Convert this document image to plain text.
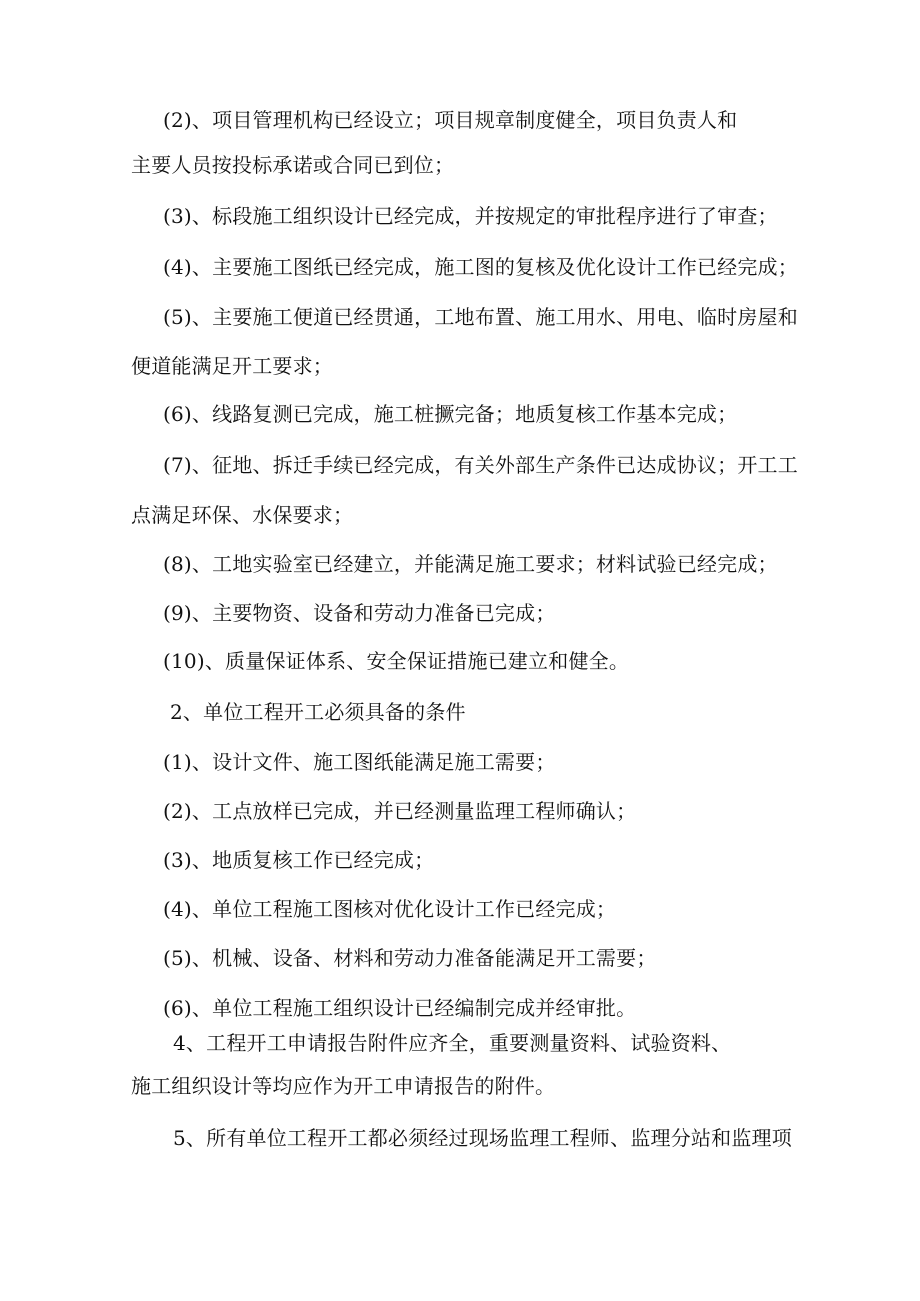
(2)、项目管理机构已经设立；项目规章制度健全，项目负责人和
主要人员按投标承诺或合同已到位；
(3)、标段施工组织设计已经完成，并按规定的审批程序进行了审查；
(4)、主要施工图纸已经完成，施工图的复核及优化设计工作已经完成；
(5)、主要施工便道已经贯通，工地布置、施工用水、用电、临时房屋和
便道能满足开工要求；
(6)、线路复测已完成，施工桩撅完备；地质复核工作基本完成；
(7)、征地、拆迁手续已经完成，有关外部生产条件已达成协议；开工工
点满足环保、水保要求；
(8)、工地实验室已经建立，并能满足施工要求；材料试验已经完成；
(9)、主要物资、设备和劳动力准备已完成；
(10)、质量保证体系、安全保证措施已建立和健全。
2、单位工程开工必须具备的条件
(1)、设计文件、施工图纸能满足施工需要；
(2)、工点放样已完成，并已经测量监理工程师确认；
(3)、地质复核工作已经完成；
(4)、单位工程施工图核对优化设计工作已经完成；
(5)、机械、设备、材料和劳动力准备能满足开工需要；
(6)、单位工程施工组织设计已经编制完成并经审批。
4、工程开工申请报告附件应齐全，重要测量资料、试验资料、
施工组织设计等均应作为开工申请报告的附件。
5、所有单位工程开工都必须经过现场监理工程师、监理分站和监理项
